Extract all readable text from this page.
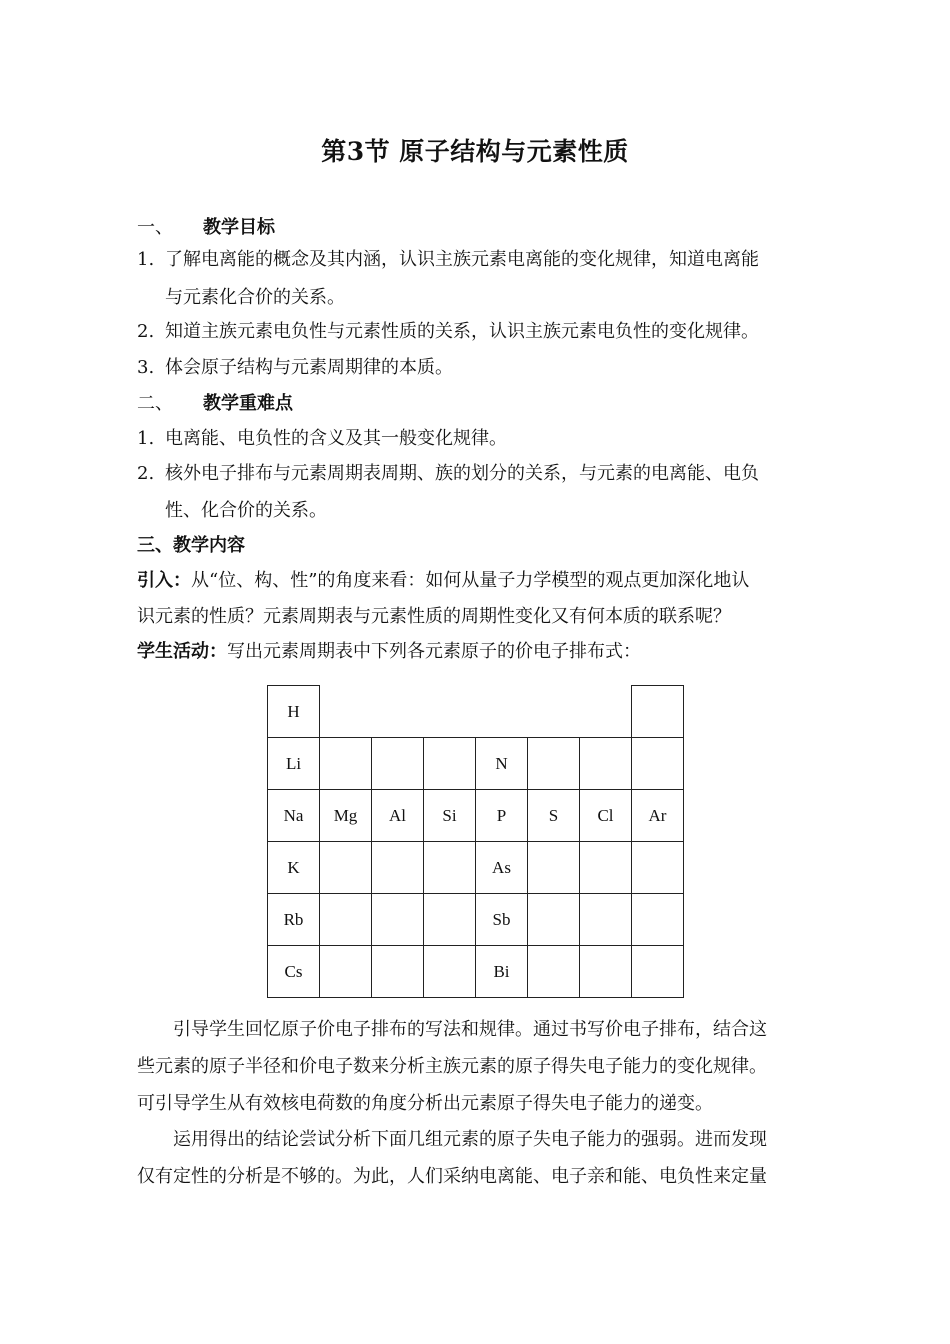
第3节 原子结构与元素性质
一、 教学目标
1. 了解电离能的概念及其内涵，认识主族元素电离能的变化规律，知道电离能
与元素化合价的关系。
2. 知道主族元素电负性与元素性质的关系，认识主族元素电负性的变化规律。
3. 体会原子结构与元素周期律的本质。
二、 教学重难点
1. 电离能、电负性的含义及其一般变化规律。
2. 核外电子排布与元素周期表周期、族的划分的关系，与元素的电离能、电负
性、化合价的关系。
三、教学内容
引入：从“位、构、性”的角度来看：如何从量子力学模型的观点更加深化地认
识元素的性质？元素周期表与元素性质的周期性变化又有何本质的联系呢？
学生活动：写出元素周期表中下列各元素原子的价电子排布式：
H							
Li				N			
Na	Mg	Al	Si	P	S	Cl	Ar
K				As			
Rb				Sb			
Cs				Bi			
引导学生回忆原子价电子排布的写法和规律。通过书写价电子排布，结合这
些元素的原子半径和价电子数来分析主族元素的原子得失电子能力的变化规律。
可引导学生从有效核电荷数的角度分析出元素原子得失电子能力的递变。
运用得出的结论尝试分析下面几组元素的原子失电子能力的强弱。进而发现
仅有定性的分析是不够的。为此，人们采纳电离能、电子亲和能、电负性来定量
